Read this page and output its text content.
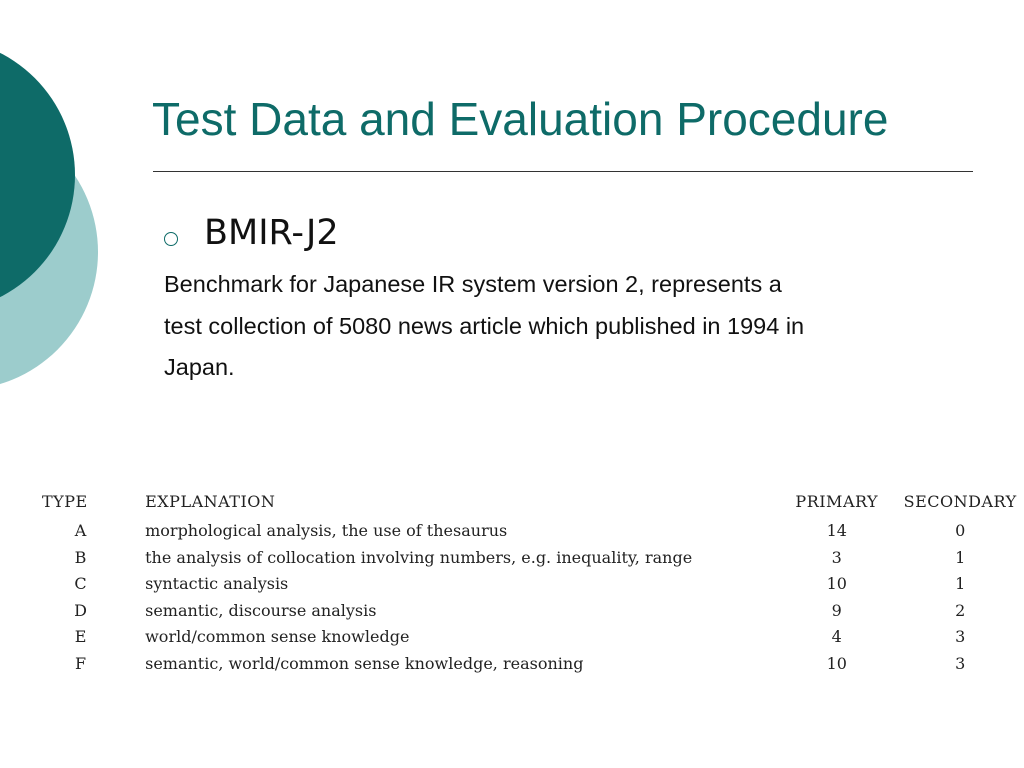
Test Data and Evaluation Procedure
BMIR-J2
Benchmark for Japanese IR system version 2, represents a
test collection of 5080 news article which published in 1994 in
Japan.
TYPE	EXPLANATION	PRIMARY	SECONDARY
A	morphological analysis, the use of thesaurus	14	0
B	the analysis of collocation involving numbers, e.g. inequality, range	3	1
C	syntactic analysis	10	1
D	semantic, discourse analysis	9	2
E	world/common sense knowledge	4	3
F	semantic, world/common sense knowledge, reasoning	10	3
